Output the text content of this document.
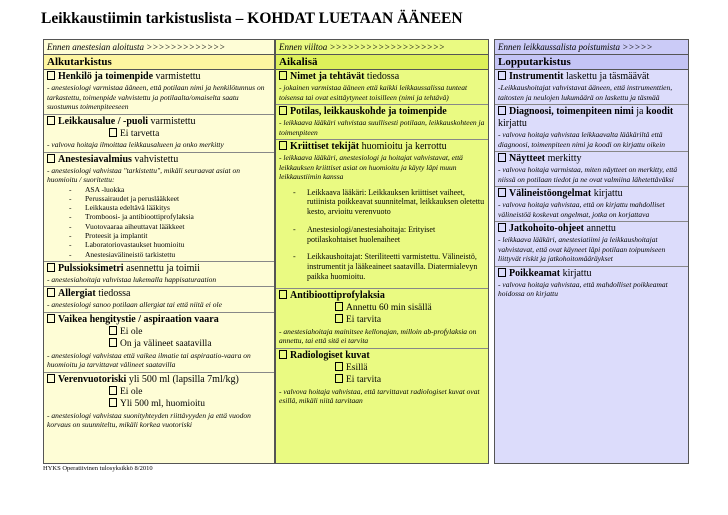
Leikkaustiimin tarkistuslista – KOHDAT LUETAAN ÄÄNEEN
Ennen anestesian aloitusta >>>>>>>>>>>>>
Alkutarkistus
Henkilö ja toimenpide varmistettu
- anestesiologi varmistaa ääneen, että potilaan nimi ja henkilötunnus on tarkastettu, toimenpide vahvistettu ja potilaalta/omaiselta saatu suostumus toimenpiteeseen
Leikkausalue / -puoli varmistettu
Ei tarvetta
- valvova hoitaja ilmoittaa leikkausalueen ja onko merkitty
Anestesiavalmius vahvistettu
- anestesiologi vahvistaa "tarkistettu", mikäli seuraavat asiat on huomioitu / suoritettu:
- ASA -luokka
- Perussairaudet ja peruslääkkeet
- Leikkausta edeltävä lääkitys
- Tromboosi- ja antibioottiprofylaksia
- Vuotovaaraa aiheuttavat lääkkeet
- Proteesit ja implantit
- Laboratoriovastaukset huomioitu
- Anestesiavälineistö tarkistettu
Pulssioksimetri asennettu ja toimii
- anestesiahoitaja vahvistaa lukemalla happisaturaation
Allergiat tiedossa
- anestesiologi sanoo potilaan allergiat tai että niitä ei ole
Vaikea hengitystie / aspiraation vaara
Ei ole
On ja välineet saatavilla
- anestesiologi vahvistaa että vaikea ilmatie tai aspiraatio-vaara on huomioitu ja tarvittavat välineet saatavilla
Verenvuotoriski yli 500 ml (lapsilla 7ml/kg)
Ei ole
Yli 500 ml, huomioitu
- anestesiologi vahvistaa suonityhteyden riittävyyden ja että vuodon korvaus on suunniteltu, mikäli korkea vuotoriski
Ennen viiltoa >>>>>>>>>>>>>>>>>>>
Aikalisä
Nimet ja tehtävät tiedossa
- jokainen varmistaa ääneen että kaikki leikkaussalissa tunteat toisensa tai ovat esittäytyneet toisilleen (nimi ja tehtävä)
Potilas, leikkauskohde ja toimenpide
- leikkaava lääkäri vahvistaa suullisesti potilaan, leikkauskohteen ja toimenpiteen
Kriittiset tekijät huomioitu ja kerrottu
- leikkaava lääkäri, anestesiologi ja hoitajat vahvistavat, että leikkauksen kriittiset asiat on huomioitu ja käyty läpi muun leikkaustiimin kanssa
- Leikkaava lääkäri: Leikkauksen kriittiset vaiheet, rutiinista poikkeavat suunnitelmat, leikkauksen oletettu kesto, arvioitu verenvuoto
- Anestesiologi/anestesiahoitaja: Erityiset potilaskohtaiset huolenaiheet
- Leikkaushoitajat: Steriliteetti varmistettu. Välineistö, instrumentit ja lääkeaineet saatavilla. Diatermialevyn paikka huomioitu.
Antibioottiprofylaksia
Annettu 60 min sisällä
Ei tarvita
- anestesiahoitaja mainitsee kellonajan, milloin ab-profylaksia on annettu, tai että sitä ei tarvita
Radiologiset kuvat
Esillä
Ei tarvita
- valvova hoitaja vahvistaa, että tarvittavat radiologiset kuvat ovat esillä, mikäli niitä tarvitaan
Ennen leikkaussalista poistumista >>>>>
Lopputarkistus
Instrumentit laskettu ja täsmäävät
-Leikkaushoitajat vahvistavat ääneen, että instrumenttien, taitosten ja neulojen lukumäärä on laskettu ja täsmää
Diagnoosi, toimenpiteen nimi ja koodit kirjattu
- valvova hoitaja vahvistaa leikkaavalta lääkäriltä että diagnoosi, toimenpiteen nimi ja koodi on kirjattu oikein
Näytteet merkitty
- valvova hoitaja varmistaa, miten näytteet on merkitty, että niissä on potilaan tiedot ja ne ovat valmiina lähetettäväksi
Välineistöongelmat kirjattu
- valvova hoitaja vahvistaa, että on kirjattu mahdolliset välineistöä koskevat ongelmat, jotka on korjattava
Jatkohoito-ohjeet annettu
- leikkaava lääkäri, anestesiatiimi ja leikkaushoitajat vahvistavat, että ovat käyneet läpi potilaan toipumiseen liittyvät riskit ja jatkohoitomääräykset
Poikkeamat kirjattu
- valvova hoitaja vahvistaa, että mahdolliset poikkeamat hoidossa on kirjattu
HYKS Operatiivinen tulosyksikkö 8/2010
